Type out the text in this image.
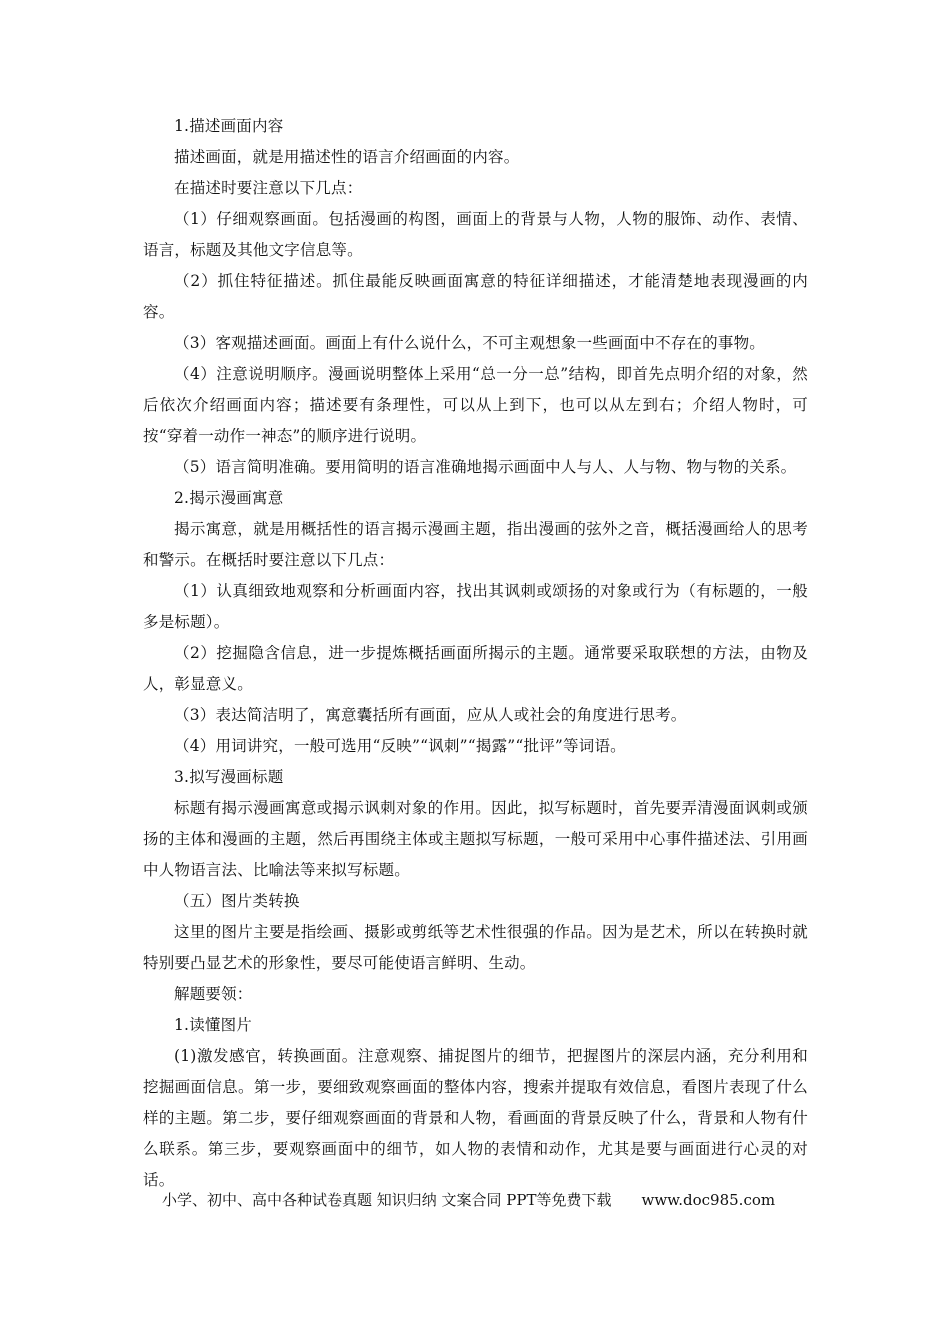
1.描述画面内容

描述画面，就是用描述性的语言介绍画面的内容。

在描述时要注意以下几点：

（1）仔细观察画面。包括漫画的构图，画面上的背景与人物，人物的服饰、动作、表情、语言，标题及其他文字信息等。

（2）抓住特征描述。抓住最能反映画面寓意的特征详细描述，才能清楚地表现漫画的内容。

（3）客观描述画面。画面上有什么说什么，不可主观想象一些画面中不存在的事物。

（4）注意说明顺序。漫画说明整体上采用“总一分一总”结构，即首先点明介绍的对象，然后依次介绍画面内容；描述要有条理性，可以从上到下，也可以从左到右；介绍人物时，可按“穿着一动作一神态”的顺序进行说明。

（5）语言简明准确。要用简明的语言准确地揭示画面中人与人、人与物、物与物的关系。

2.揭示漫画寓意

揭示寓意，就是用概括性的语言揭示漫画主题，指出漫画的弦外之音，概括漫画给人的思考和警示。在概括时要注意以下几点：

（1）认真细致地观察和分析画面内容，找出其讽刺或颂扬的对象或行为（有标题的，一般多是标题）。

（2）挖掘隐含信息，进一步提炼概括画面所揭示的主题。通常要采取联想的方法，由物及人，彰显意义。

（3）表达简洁明了，寓意囊括所有画面，应从人或社会的角度进行思考。

（4）用词讲究，一般可选用“反映”“讽刺”“揭露”“批评”等词语。

3.拟写漫画标题

标题有揭示漫画寓意或揭示讽刺对象的作用。因此，拟写标题时，首先要弄清漫面讽刺或颁扬的主体和漫画的主题，然后再围绕主体或主题拟写标题，一般可采用中心事件描述法、引用画中人物语言法、比喻法等来拟写标题。

（五）图片类转换

这里的图片主要是指绘画、摄影或剪纸等艺术性很强的作品。因为是艺术，所以在转换时就特别要凸显艺术的形象性，要尽可能使语言鲜明、生动。

解题要领：

1.读懂图片

(1)激发感官，转换画面。注意观察、捕捉图片的细节，把握图片的深层内涵，充分利用和挖掘画面信息。第一步，要细致观察画面的整体内容，搜索并提取有效信息，看图片表现了什么样的主题。第二步，要仔细观察画面的背景和人物，看画面的背景反映了什么，背景和人物有什么联系。第三步，要观察画面中的细节，如人物的表情和动作，尤其是要与画面进行心灵的对话。

小学、初中、高中各种试卷真题 知识归纳 文案合同 PPT等免费下载 www.doc985.com
